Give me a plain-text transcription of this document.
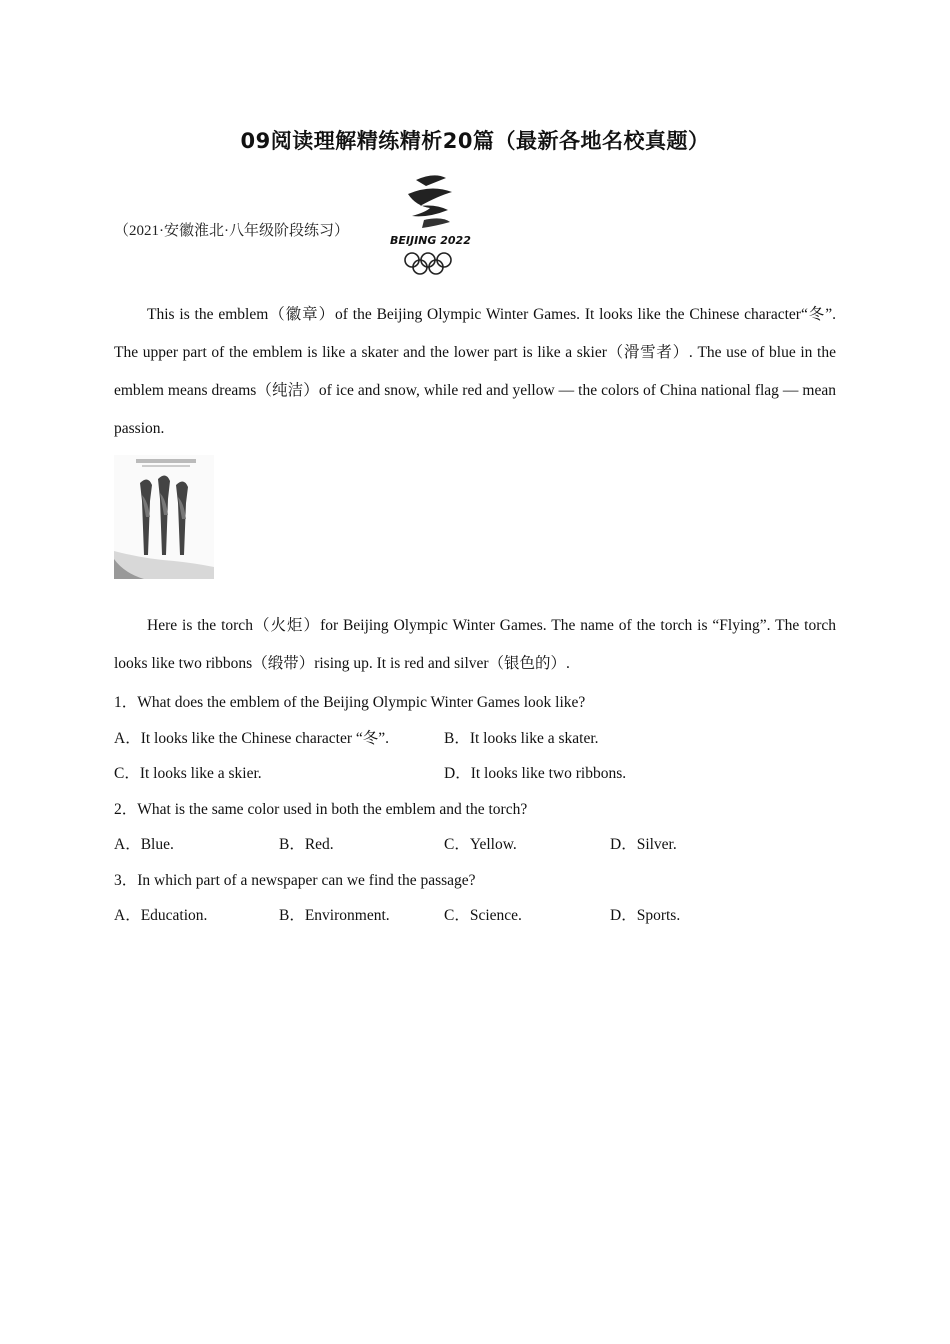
09阅读理解精练精析20篇（最新各地名校真题）
（2021·安徽淮北·八年级阶段练习）
BEIJING 2022
This is the emblem（徽章）of the Beijing Olympic Winter Games. It looks like the Chinese character“冬”. The upper part of the emblem is like a skater and the lower part is like a skier（滑雪者）. The use of blue in the emblem means dreams（纯洁）of ice and snow, while red and yellow — the colors of China national flag — mean passion.
Here is the torch（火炬）for Beijing Olympic Winter Games. The name of the torch is “Flying”. The torch looks like two ribbons（缎带）rising up. It is red and silver（银色的）.
1．What does the emblem of the Beijing Olympic Winter Games look like?
A．It looks like the Chinese character “冬”.	B．It looks like a skater.
C．It looks like a skier.	D．It looks like two ribbons.
2．What is the same color used in both the emblem and the torch?
A．Blue.	B．Red.	C．Yellow.	D．Silver.
3．In which part of a newspaper can we find the passage?
A．Education.	B．Environment.	C．Science.	D．Sports.
